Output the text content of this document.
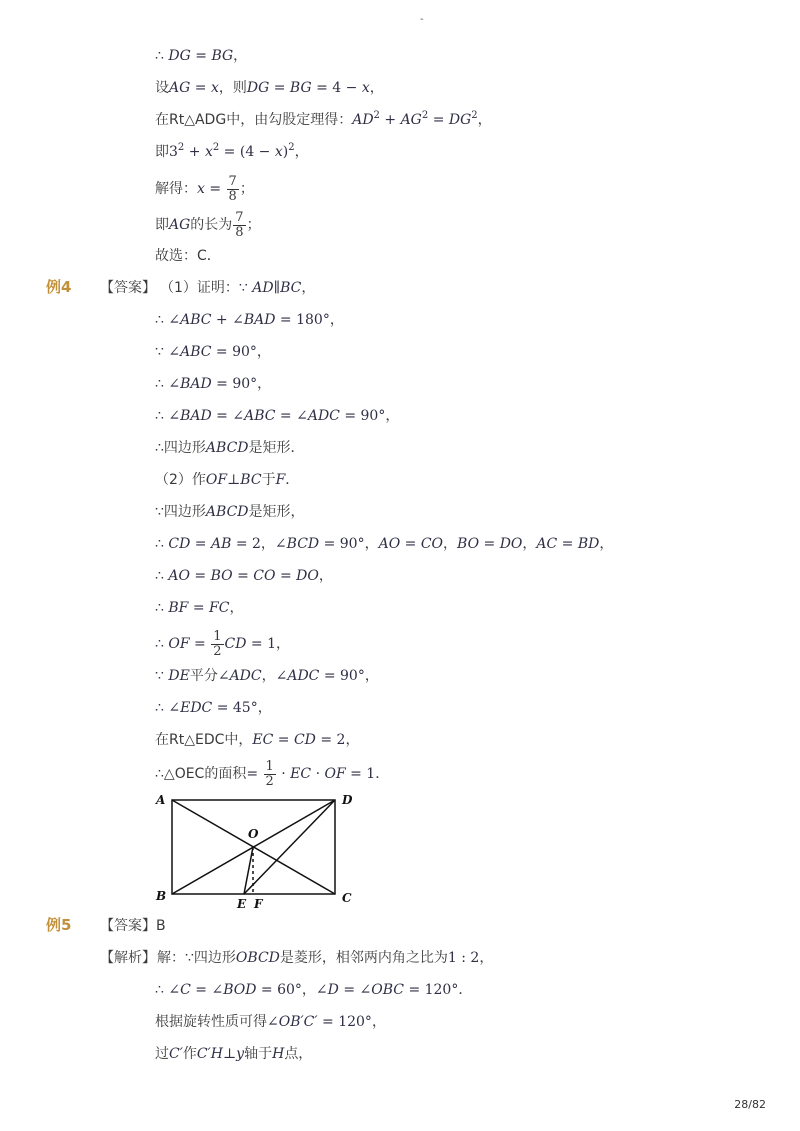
-
∴ DG = BG，
设AG = x，则DG = BG = 4 − x，
在Rt△ADG中，由勾股定理得：$AD^2 + AG^2 = DG^2$，
即$3^2 + x^2 = (4 - x)^2$，
解得：$x = \frac{7}{8}$ ；
即AG的长为 $\frac{7}{8}$ ；
故选：C．
例4 【答案】 （1）证明：∵ AD∥BC，
∴ ∠ABC + ∠BAD = 180°，
∵ ∠ABC = 90°，
∴ ∠BAD = 90°，
∴ ∠BAD = ∠ABC = ∠ADC = 90°，
∴四边形ABCD是矩形．
（2）作OF⊥BC于F．
∵四边形ABCD是矩形，
∴ CD = AB = 2，∠BCD = 90°，AO = CO，BO = DO，AC = BD，
∴ AO = BO = CO = DO，
∴ BF = FC，
∴ OF = $\frac{1}{2}$ CD = 1，
∵ DE平分∠ADC，∠ADC = 90°，
∴ ∠EDC = 45°，
在Rt△EDC中，EC = CD = 2，
∴△OEC的面积= $\frac{1}{2}$ · EC · OF = 1．
A	D
O
B	C
E F
例5 【答案】B
【解析】 解：∵四边形OBCD是菱形，相邻两内角之比为1 : 2，
∴ ∠C = ∠BOD = 60°，∠D = ∠OBC = 120°．
根据旋转性质可得∠OB′C′ = 120°，
过C′作C′H⊥y轴于H点，
28/82
